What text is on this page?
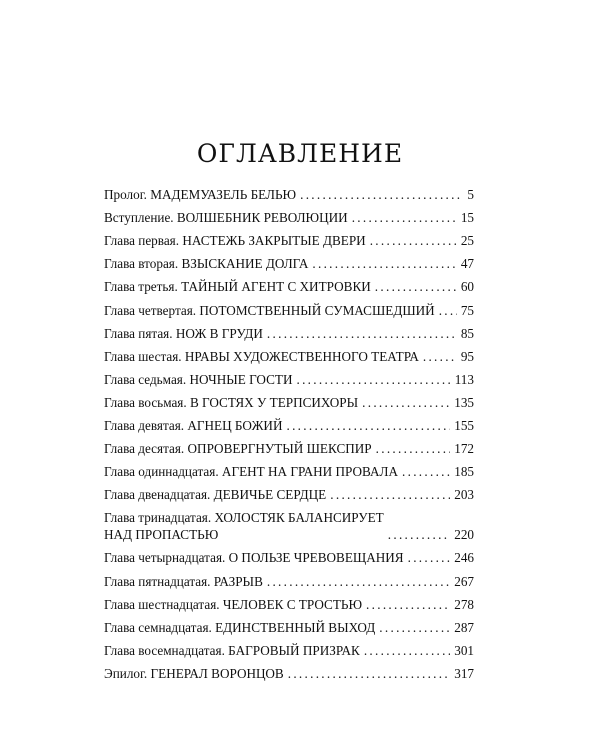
ОГЛАВЛЕНИЕ
Пролог. МАДЕМУАЗЕЛЬ БЕЛЬЮ . . .	5
Вступление. ВОЛШЕБНИК РЕВОЛЮЦИИ . . .	15
Глава первая. НАСТЕЖЬ ЗАКРЫТЫЕ ДВЕРИ . . .	25
Глава вторая. ВЗЫСКАНИЕ ДОЛГА . . .	47
Глава третья. ТАЙНЫЙ АГЕНТ С ХИТРОВКИ . . .	60
Глава четвертая. ПОТОМСТВЕННЫЙ СУМАСШЕДШИЙ . . . 75
Глава пятая. НОЖ В ГРУДИ . . .	85
Глава шестая. НРАВЫ ХУДОЖЕСТВЕННОГО ТЕАТРА . . .	95
Глава седьмая. НОЧНЫЕ ГОСТИ . . .	113
Глава восьмая. В ГОСТЯХ У ТЕРПСИХОРЫ . . .	135
Глава девятая. АГНЕЦ БОЖИЙ . . .	155
Глава десятая. ОПРОВЕРГНУТЫЙ ШЕКСПИР . . .	172
Глава одиннадцатая. АГЕНТ НА ГРАНИ ПРОВАЛА . . .	185
Глава двенадцатая. ДЕВИЧЬЕ СЕРДЦЕ . . .	203
Глава тринадцатая. ХОЛОСТЯК БАЛАНСИРУЕТ
НАД ПРОПАСТЬЮ . . .	220
Глава четырнадцатая. О ПОЛЬЗЕ ЧРЕВОВЕЩАНИЯ . . .	246
Глава пятнадцатая. РАЗРЫВ . . .	267
Глава шестнадцатая. ЧЕЛОВЕК С ТРОСТЬЮ . . .	278
Глава семнадцатая. ЕДИНСТВЕННЫЙ ВЫХОД . . .	287
Глава восемнадцатая. БАГРОВЫЙ ПРИЗРАК . . .	301
Эпилог. ГЕНЕРАЛ ВОРОНЦОВ . . .	317
